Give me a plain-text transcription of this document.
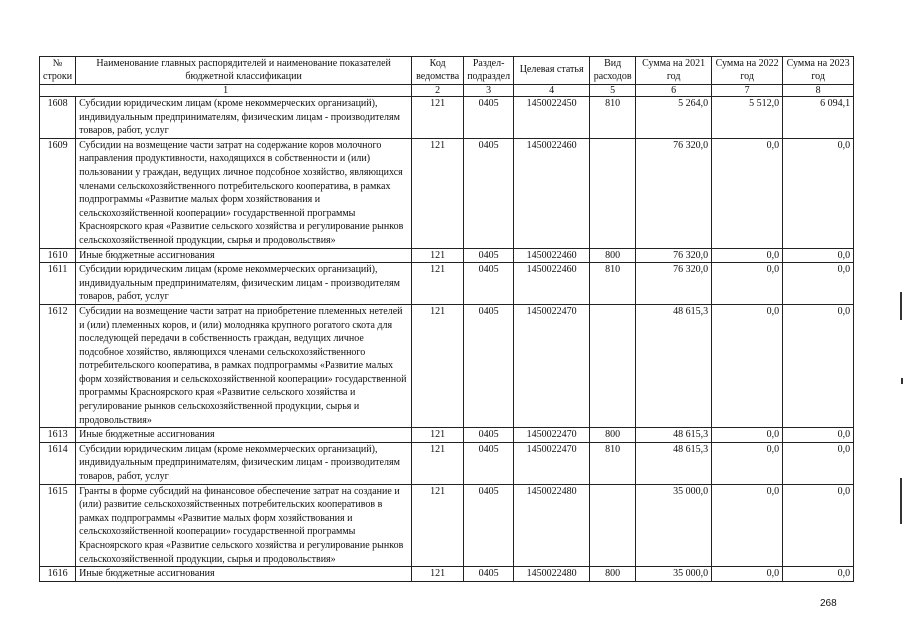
№ строки	Наименование главных распорядителей и наименование показателей бюджетной классификации	Код ведомства	Раздел-подраздел	Целевая статья	Вид расходов	Сумма на 2021 год	Сумма на 2022 год	Сумма на 2023 год
1		2	3	4	5	6	7	8
1608	Субсидии юридическим лицам (кроме некоммерческих организаций), индивидуальным предпринимателям, физическим лицам - производителям товаров, работ, услуг	121	0405	1450022450	810	5 264,0	5 512,0	6 094,1
1609	Субсидии на возмещение части затрат на содержание коров молочного направления продуктивности, находящихся в собственности и (или) пользовании у граждан, ведущих личное подсобное хозяйство, являющихся членами сельскохозяйственного потребительского кооператива, в рамках подпрограммы «Развитие малых форм хозяйствования и сельскохозяйственной кооперации» государственной программы Красноярского края «Развитие сельского хозяйства и регулирование рынков сельскохозяйственной продукции, сырья и продовольствия»	121	0405	1450022460		76 320,0	0,0	0,0
1610	Иные бюджетные ассигнования	121	0405	1450022460	800	76 320,0	0,0	0,0
1611	Субсидии юридическим лицам (кроме некоммерческих организаций), индивидуальным предпринимателям, физическим лицам - производителям товаров, работ, услуг	121	0405	1450022460	810	76 320,0	0,0	0,0
1612	Субсидии на возмещение части затрат на приобретение племенных нетелей и (или) племенных коров, и (или) молодняка крупного рогатого скота для последующей передачи в собственность граждан, ведущих личное подсобное хозяйство, являющихся членами сельскохозяйственного потребительского кооператива, в рамках подпрограммы «Развитие малых форм хозяйствования и сельскохозяйственной кооперации» государственной программы Красноярского края «Развитие сельского хозяйства и регулирование рынков сельскохозяйственной продукции, сырья и продовольствия»	121	0405	1450022470		48 615,3	0,0	0,0
1613	Иные бюджетные ассигнования	121	0405	1450022470	800	48 615,3	0,0	0,0
1614	Субсидии юридическим лицам (кроме некоммерческих организаций), индивидуальным предпринимателям, физическим лицам - производителям товаров, работ, услуг	121	0405	1450022470	810	48 615,3	0,0	0,0
1615	Гранты в форме субсидий на финансовое обеспечение затрат на создание и (или) развитие сельскохозяйственных потребительских кооперативов в рамках подпрограммы «Развитие малых форм хозяйствования и сельскохозяйственной кооперации» государственной программы Красноярского края «Развитие сельского хозяйства и регулирование рынков сельскохозяйственной продукции, сырья и продовольствия»	121	0405	1450022480		35 000,0	0,0	0,0
1616	Иные бюджетные ассигнования	121	0405	1450022480	800	35 000,0	0,0	0,0
268
